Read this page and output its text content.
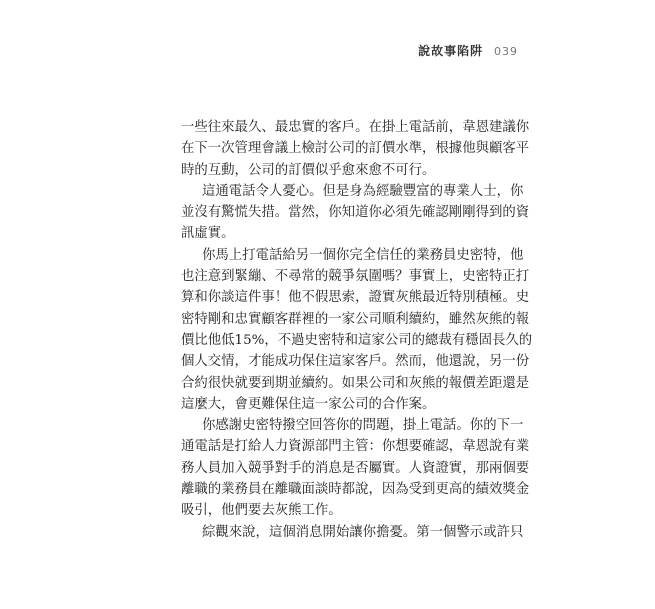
說故事陷阱 039
一些往來最久、最忠實的客戶。在掛上電話前，韋恩建議你
在下一次管理會議上檢討公司的訂價水準，根據他與顧客平
時的互動，公司的訂價似乎愈來愈不可行。
這通電話令人憂心。但是身為經驗豐富的專業人士，你
並沒有驚慌失措。當然，你知道你必須先確認剛剛得到的資
訊虛實。
你馬上打電話給另一個你完全信任的業務員史密特，他
也注意到緊繃、不尋常的競爭氛圍嗎？事實上，史密特正打
算和你談這件事！他不假思索，證實灰熊最近特別積極。史
密特剛和忠實顧客群裡的一家公司順利續約，雖然灰熊的報
價比他低15%，不過史密特和這家公司的總裁有穩固長久的
個人交情，才能成功保住這家客戶。然而，他還說，另一份
合約很快就要到期並續約。如果公司和灰熊的報價差距還是
這麼大，會更難保住這一家公司的合作案。
你感謝史密特撥空回答你的問題，掛上電話。你的下一
通電話是打給人力資源部門主管：你想要確認，韋恩說有業
務人員加入競爭對手的消息是否屬實。人資證實，那兩個要
離職的業務員在離職面談時都說，因為受到更高的績效獎金
吸引，他們要去灰熊工作。
綜觀來說，這個消息開始讓你擔憂。第一個警示或許只
